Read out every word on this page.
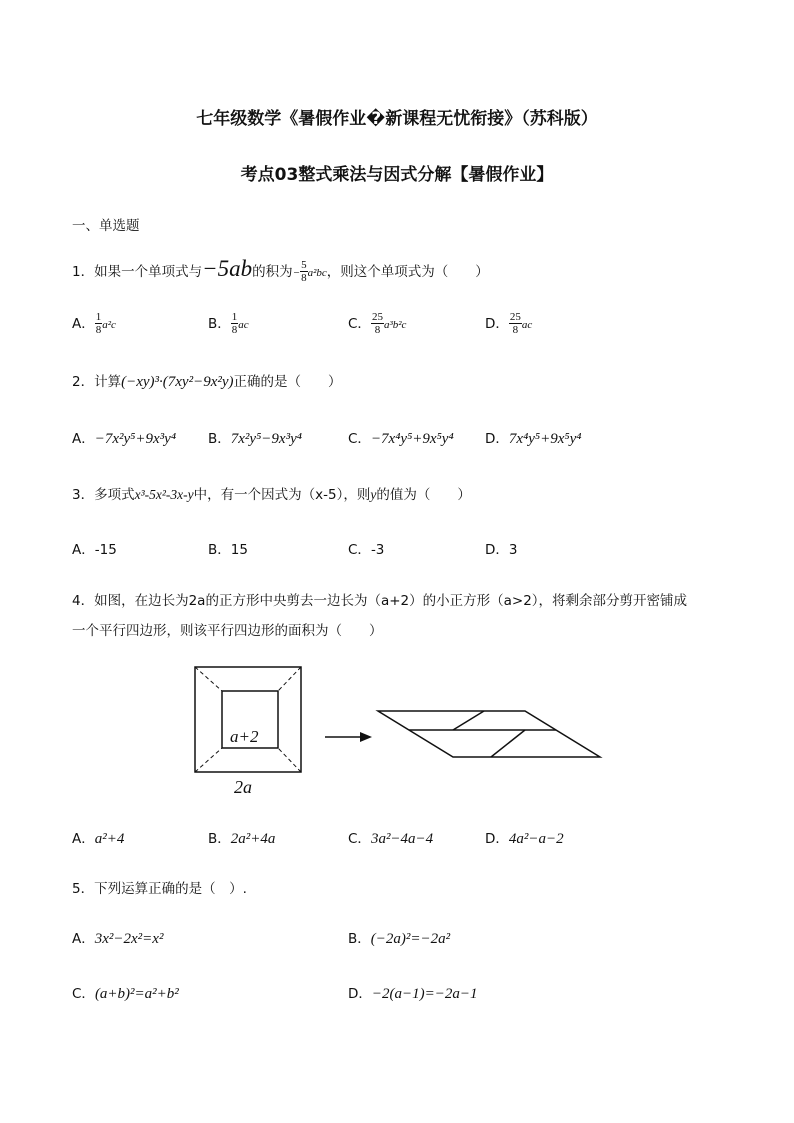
七年级数学《暑假作业�新课程无忧衔接》（苏科版）
考点03整式乘法与因式分解【暑假作业】
一、单选题
1．如果一个单项式与−5ab的积为− $\frac{5}{8} a^2bc$，则这个单项式为（　　）
A． $\frac{1}{8} a^2c$	B． $\frac{1}{8}$ ac	C． $\frac{25}{8} a^3b^2c$	D． $\frac{25}{8}$ ac
2．计算(−xy)³·(7xy²−9x²y)正确的是（　　）
A．−7x²y⁵+9x³y⁴ B．7x²y⁵−9x³y⁴	C．−7x⁴y⁵+9x⁵y⁴ D．7x⁴y⁵+9x⁵y⁴
3．多项式x³-5x²-3x-y中，有一个因式为（x-5），则y的值为（　　）
A．-15	B．15	C．-3	D．3
4．如图，在边长为2a的正方形中央剪去一边长为（a+2）的小正方形（a>2），将剩余部分剪开密铺成
一个平行四边形，则该平行四边形的面积为（　　）
a+2
2a
A．a²+4	B．2a²+4a	C．3a²−4a−4	D．4a²−a−2
5．下列运算正确的是（　）.
A．3x²−2x²=x²	B．(−2a)²=−2a²
C．(a+b)²=a²+b²	D．−2(a−1)=−2a−1
